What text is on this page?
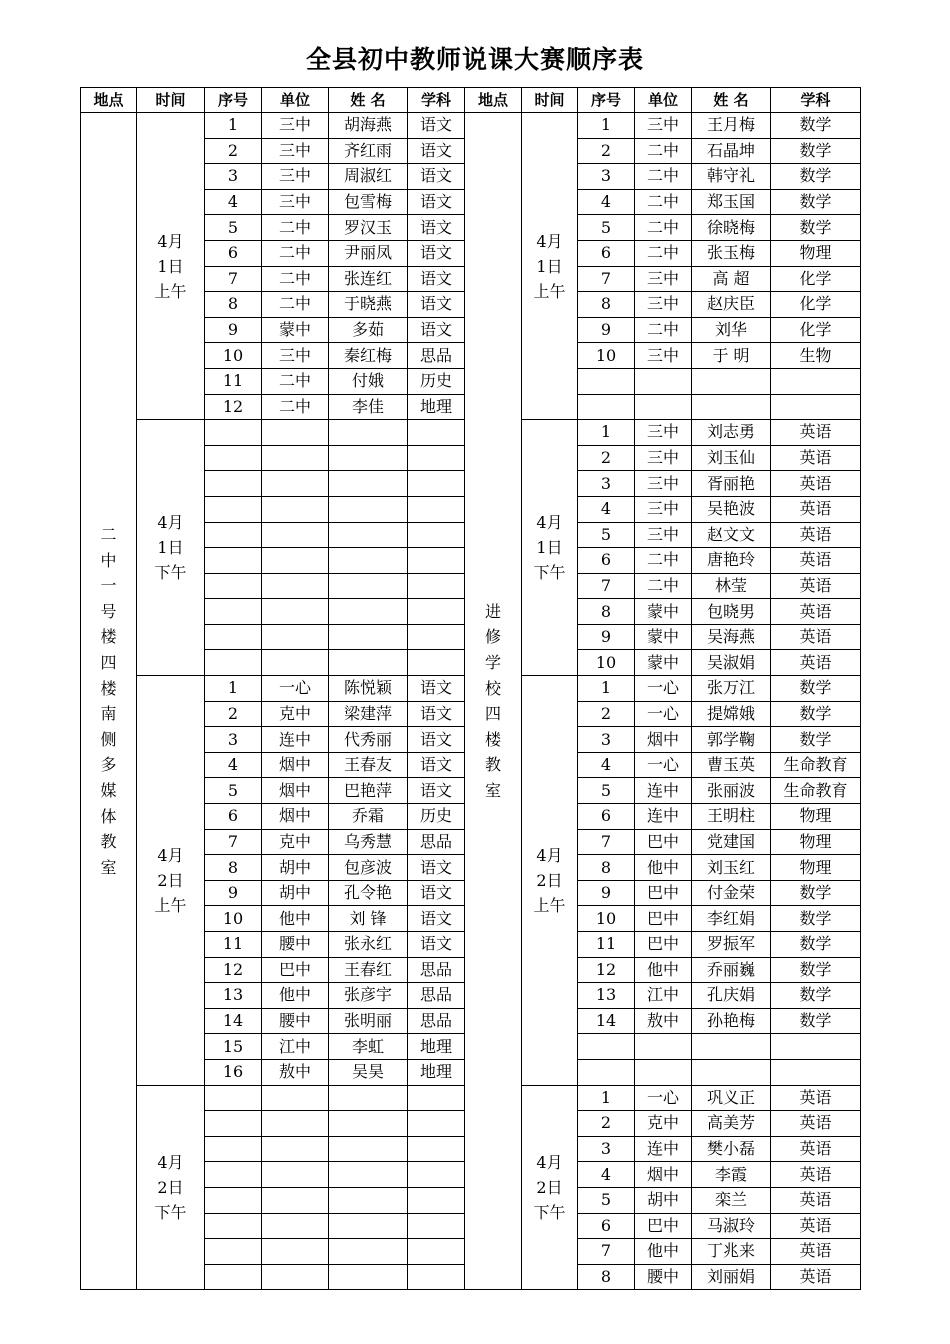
全县初中教师说课大赛顺序表
地点	时间	序号	单位	姓 名	学科	地点	时间	序号	单位	姓 名	学科
二中一号楼四楼南侧多媒体教室	4月
1日
上午	1	三中	胡海燕	语文	进修学校四楼教室	4月
1日
上午	1	三中	王月梅	数学
		2	三中	齐红雨	语文			2	二中	石晶坤	数学
		3	三中	周淑红	语文			3	二中	韩守礼	数学
		4	三中	包雪梅	语文			4	二中	郑玉国	数学
		5	二中	罗汉玉	语文			5	二中	徐晓梅	数学
		6	二中	尹丽凤	语文			6	二中	张玉梅	物理
		7	二中	张连红	语文			7	三中	高 超	化学
		8	二中	于晓燕	语文			8	三中	赵庆臣	化学
		9	蒙中	多茹	语文			9	二中	刘华	化学
		10	三中	秦红梅	思品			10	三中	于 明	生物
		11	二中	付娥	历史						
		12	二中	李佳	地理						
	4月
1日
下午						4月
1日
下午	1	三中	刘志勇	英语
								2	三中	刘玉仙	英语
								3	三中	胥丽艳	英语
								4	三中	吴艳波	英语
								5	三中	赵文文	英语
								6	二中	唐艳玲	英语
								7	二中	林莹	英语
								8	蒙中	包晓男	英语
								9	蒙中	吴海燕	英语
								10	蒙中	吴淑娟	英语
	4月
2日
上午	1	一心	陈悦颖	语文		4月
2日
上午	1	一心	张万江	数学
		2	克中	梁建萍	语文			2	一心	提嫦娥	数学
		3	连中	代秀丽	语文			3	烟中	郭学鞠	数学
		4	烟中	王春友	语文			4	一心	曹玉英	生命教育
		5	烟中	巴艳萍	语文			5	连中	张丽波	生命教育
		6	烟中	乔霜	历史			6	连中	王明柱	物理
		7	克中	乌秀慧	思品			7	巴中	党建国	物理
		8	胡中	包彦波	语文			8	他中	刘玉红	物理
		9	胡中	孔令艳	语文			9	巴中	付金荣	数学
		10	他中	刘 锋	语文			10	巴中	李红娟	数学
		11	腰中	张永红	语文			11	巴中	罗振军	数学
		12	巴中	王春红	思品			12	他中	乔丽巍	数学
		13	他中	张彦宇	思品			13	江中	孔庆娟	数学
		14	腰中	张明丽	思品			14	敖中	孙艳梅	数学
		15	江中	李虹	地理						
		16	敖中	吴昊	地理						
	4月
2日
下午						4月
2日
下午	1	一心	巩义正	英语
								2	克中	高美芳	英语
								3	连中	樊小磊	英语
								4	烟中	李霞	英语
								5	胡中	栾兰	英语
								6	巴中	马淑玲	英语
								7	他中	丁兆来	英语
								8	腰中	刘丽娟	英语
